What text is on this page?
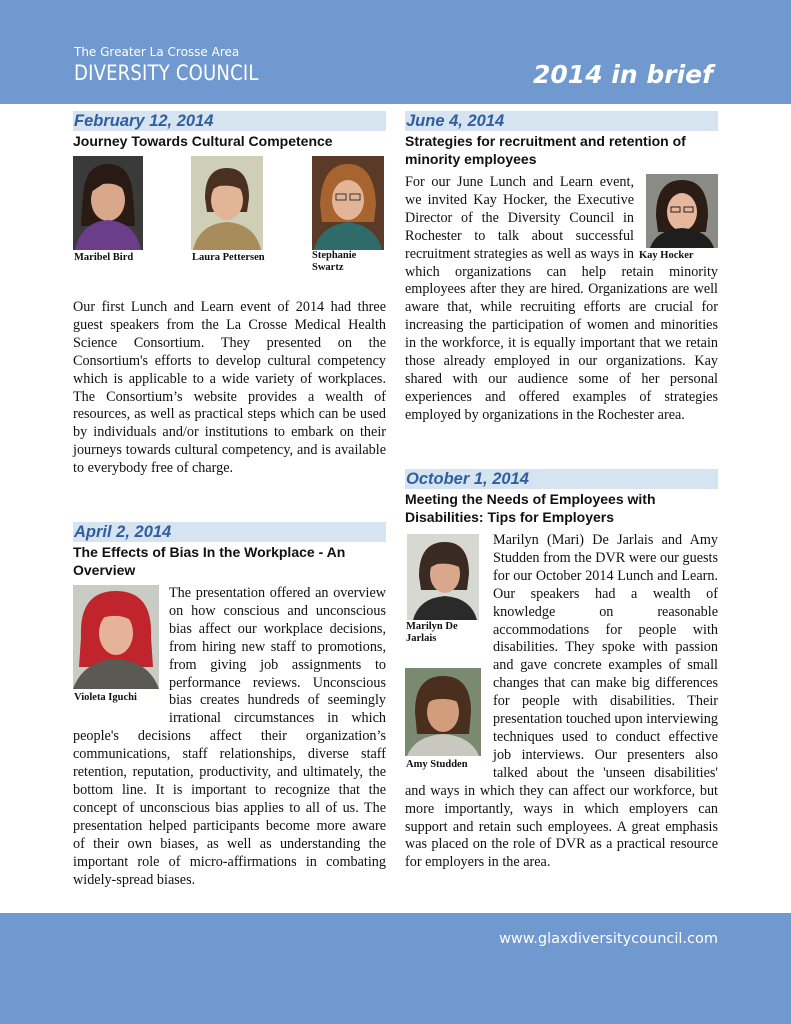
The Greater La Crosse Area
DIVERSITY COUNCIL	2014 in brief
February 12, 2014
Journey Towards Cultural Competence
Maribel Bird	Laura Pettersen	Stephanie Swartz
Our first Lunch and Learn event of 2014 had three guest speakers from the La Crosse Medical Health Science Consortium. They presented on the Consortium's efforts to develop cultural competency which is applicable to a wide variety of workplaces. The Consortium’s website provides a wealth of resources, as well as practical steps which can be used by individuals and/or institutions to embark on their journeys towards cultural competency, and is available to everybody free of charge.
April 2, 2014
The Effects of Bias In the Workplace - An Overview
Violeta Iguchi
The presentation offered an overview on how conscious and unconscious bias affect our workplace decisions, from hiring new staff to promotions, from giving job assignments to performance reviews. Unconscious bias creates hundreds of seemingly irrational circumstances in which people's decisions affect their organization’s communications, staff relationships, diverse staff retention, reputation, productivity, and ultimately, the bottom line. It is important to recognize that the concept of unconscious bias applies to all of us. The presentation helped participants become more aware of their own biases, as well as understanding the important role of micro-affirmations in combating widely-spread biases.
June 4, 2014
Strategies for recruitment and retention of minority employees
Kay Hocker
For our June Lunch and Learn event, we invited Kay Hocker, the Executive Director of the Diversity Council in Rochester to talk about successful recruitment strategies as well as ways in which organizations can help retain minority employees after they are hired. Organizations are well aware that, while recruiting efforts are crucial for increasing the participation of women and minorities in the workforce, it is equally important that we retain those already employed in our organizations. Kay shared with our audience some of her personal experiences and offered examples of strategies employed by organizations in the Rochester area.
October 1, 2014
Meeting the Needs of Employees with Disabilities: Tips for Employers
Marilyn De Jarlais
Amy Studden
Marilyn (Mari) De Jarlais and Amy Studden from the DVR were our guests for our October 2014 Lunch and Learn. Our speakers had a wealth of knowledge on reasonable accommodations for people with disabilities. They spoke with passion and gave concrete examples of small changes that can make big differences for people with disabilities. Their presentation touched upon interviewing techniques used to conduct effective job interviews. Our presenters also talked about the 'unseen disabilities' and ways in which they can affect our workforce, but more importantly, ways in which employers can support and retain such employees. A great emphasis was placed on the role of DVR as a practical resource for employers in the area.
www.glaxdiversitycouncil.com
